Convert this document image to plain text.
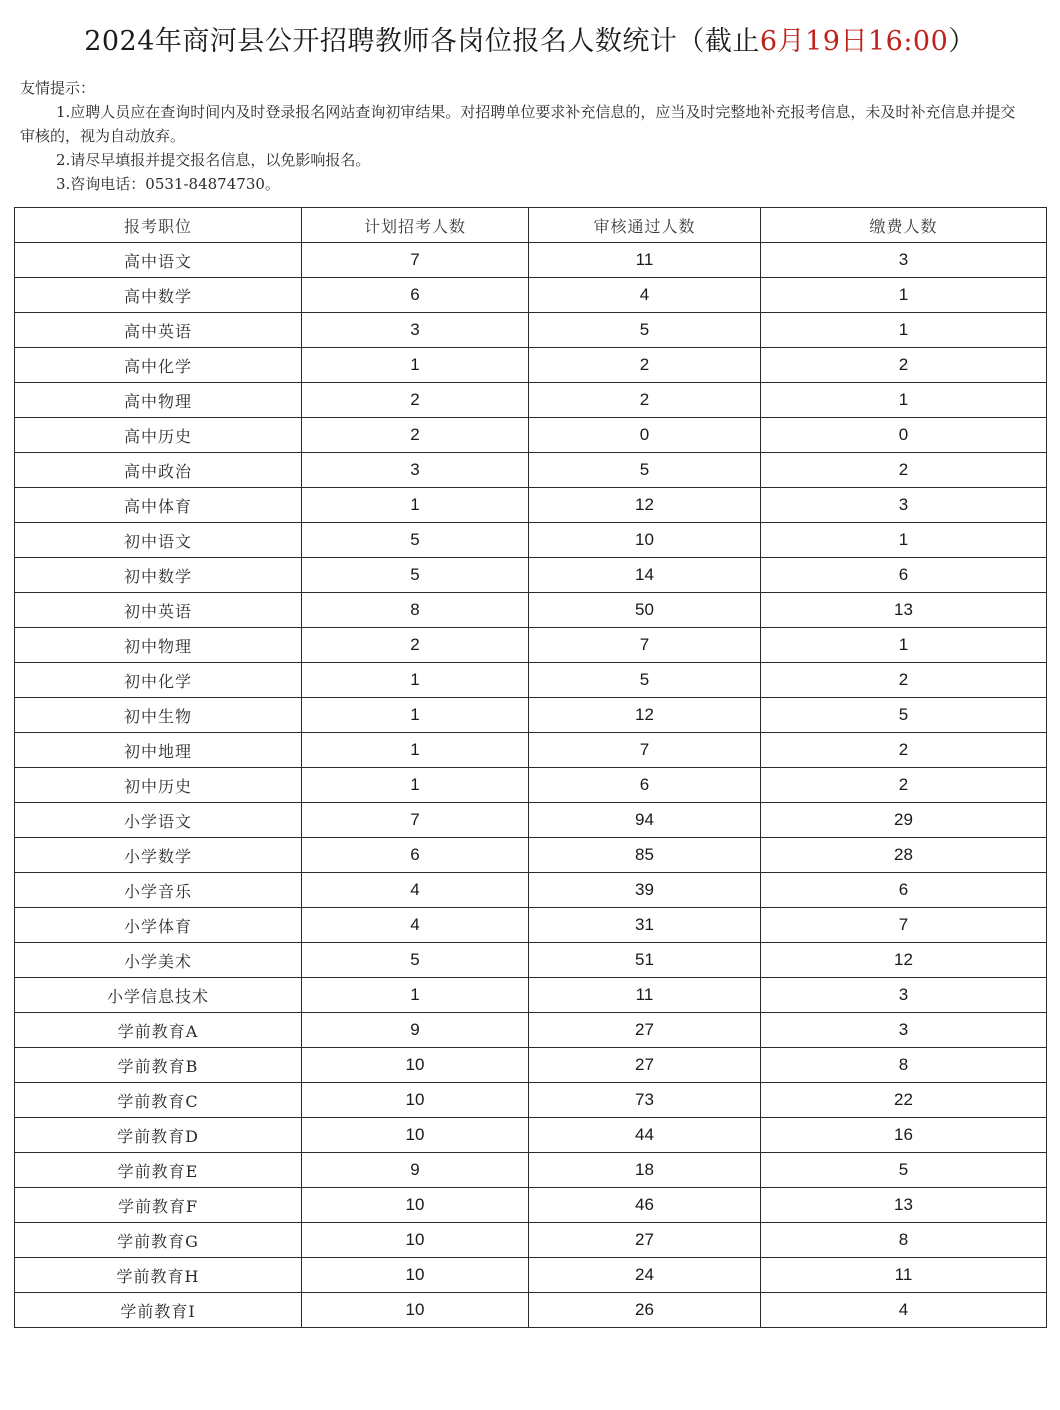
2024年商河县公开招聘教师各岗位报名人数统计（截止6月19日16:00）
友情提示：
1.应聘人员应在查询时间内及时登录报名网站查询初审结果。对招聘单位要求补充信息的，应当及时完整地补充报考信息，未及时补充信息并提交审核的，视为自动放弃。
2.请尽早填报并提交报名信息，以免影响报名。
3.咨询电话：0531-84874730。
报考职位	计划招考人数	审核通过人数	缴费人数
高中语文	7	11	3
高中数学	6	4	1
高中英语	3	5	1
高中化学	1	2	2
高中物理	2	2	1
高中历史	2	0	0
高中政治	3	5	2
高中体育	1	12	3
初中语文	5	10	1
初中数学	5	14	6
初中英语	8	50	13
初中物理	2	7	1
初中化学	1	5	2
初中生物	1	12	5
初中地理	1	7	2
初中历史	1	6	2
小学语文	7	94	29
小学数学	6	85	28
小学音乐	4	39	6
小学体育	4	31	7
小学美术	5	51	12
小学信息技术	1	11	3
学前教育A	9	27	3
学前教育B	10	27	8
学前教育C	10	73	22
学前教育D	10	44	16
学前教育E	9	18	5
学前教育F	10	46	13
学前教育G	10	27	8
学前教育H	10	24	11
学前教育I	10	26	4
